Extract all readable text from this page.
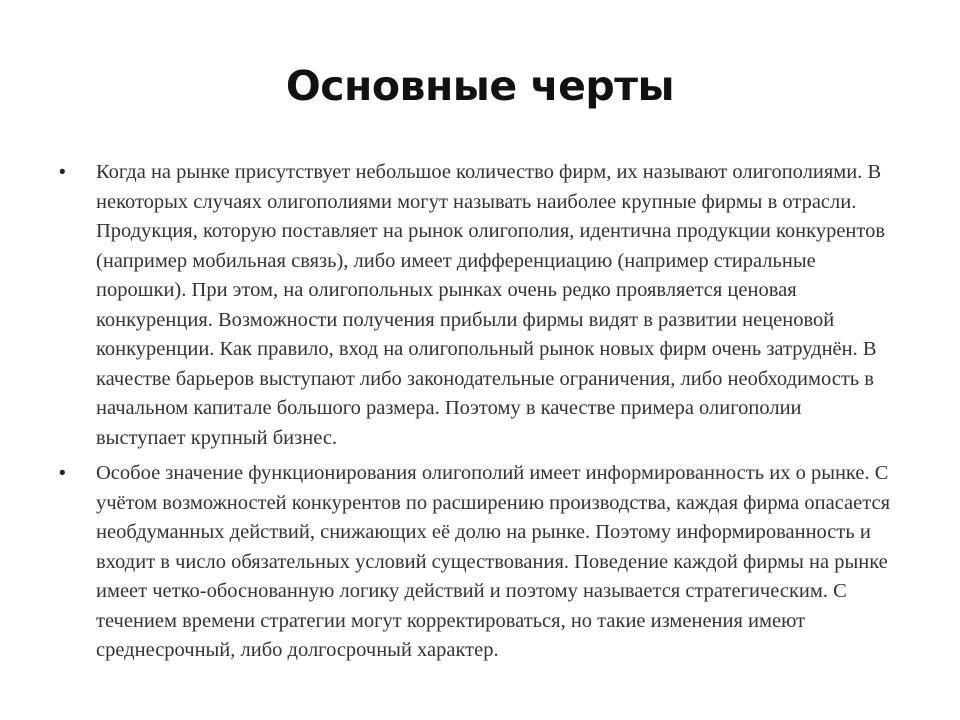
Основные черты
• Когда на рынке присутствует небольшое количество фирм, их называют олигополиями. В некоторых случаях олигополиями могут называть наиболее крупные фирмы в отрасли. Продукция, которую поставляет на рынок олигополия, идентична продукции конкурентов (например мобильная связь), либо имеет дифференциацию (например стиральные порошки). При этом, на олигопольных рынках очень редко проявляется ценовая конкуренция. Возможности получения прибыли фирмы видят в развитии неценовой конкуренции. Как правило, вход на олигопольный рынок новых фирм очень затруднён. В качестве барьеров выступают либо законодательные ограничения, либо необходимость в начальном капитале большого размера. Поэтому в качестве примера олигополии выступает крупный бизнес.
• Особое значение функционирования олигополий имеет информированность их о рынке. С учётом возможностей конкурентов по расширению производства, каждая фирма опасается необдуманных действий, снижающих её долю на рынке. Поэтому информированность и входит в число обязательных условий существования. Поведение каждой фирмы на рынке имеет четко-обоснованную логику действий и поэтому называется стратегическим. С течением времени стратегии могут корректироваться, но такие изменения имеют среднесрочный, либо долгосрочный характер.
